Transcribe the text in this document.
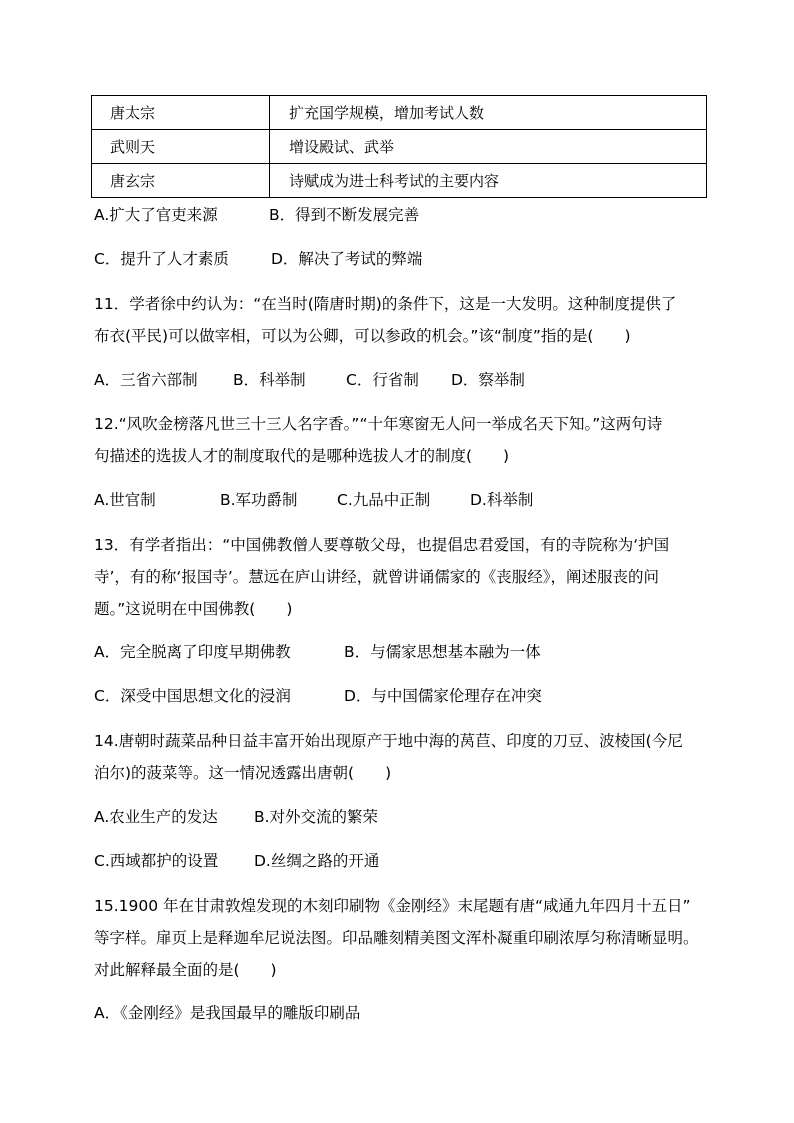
唐太宗	扩充国学规模，增加考试人数
武则天	增设殿试、武举
唐玄宗	诗赋成为进士科考试的主要内容
A.扩大了官吏来源	B．得到不断发展完善
C．提升了人才素质	D．解决了考试的弊端
11．学者徐中约认为：“在当时(隋唐时期)的条件下，这是一大发明。这种制度提供了
布衣(平民)可以做宰相，可以为公卿，可以参政的机会。”该“制度”指的是(　　)
A．三省六部制 B．科举制	C．行省制 D．察举制
12.“风吹金榜落凡世三十三人名字香。”“十年寒窗无人问一举成名天下知。”这两句诗
句描述的选拔人才的制度取代的是哪种选拔人才的制度(　　)
A.世官制	B.军功爵制	C.九品中正制	D.科举制
13．有学者指出：“中国佛教僧人要尊敬父母，也提倡忠君爱国，有的寺院称为‘护国
寺’，有的称‘报国寺’。慧远在庐山讲经，就曾讲诵儒家的《丧服经》，阐述服丧的问
题。”这说明在中国佛教(　　)
A．完全脱离了印度早期佛教	B．与儒家思想基本融为一体
C．深受中国思想文化的浸润	D．与中国儒家伦理存在冲突
14.唐朝时蔬菜品种日益丰富开始出现原产于地中海的莴苣、印度的刀豆、波棱国(今尼
泊尔)的菠菜等。这一情况透露出唐朝(　　)
A.农业生产的发达 B.对外交流的繁荣
C.西域都护的设置 D.丝绸之路的开通
15.1900 年在甘肃敦煌发现的木刻印刷物《金刚经》末尾题有唐“咸通九年四月十五日”
等字样。扉页上是释迦牟尼说法图。印品雕刻精美图文浑朴凝重印刷浓厚匀称清晰显明。
对此解释最全面的是(　　)
A．《金刚经》是我国最早的雕版印刷品
